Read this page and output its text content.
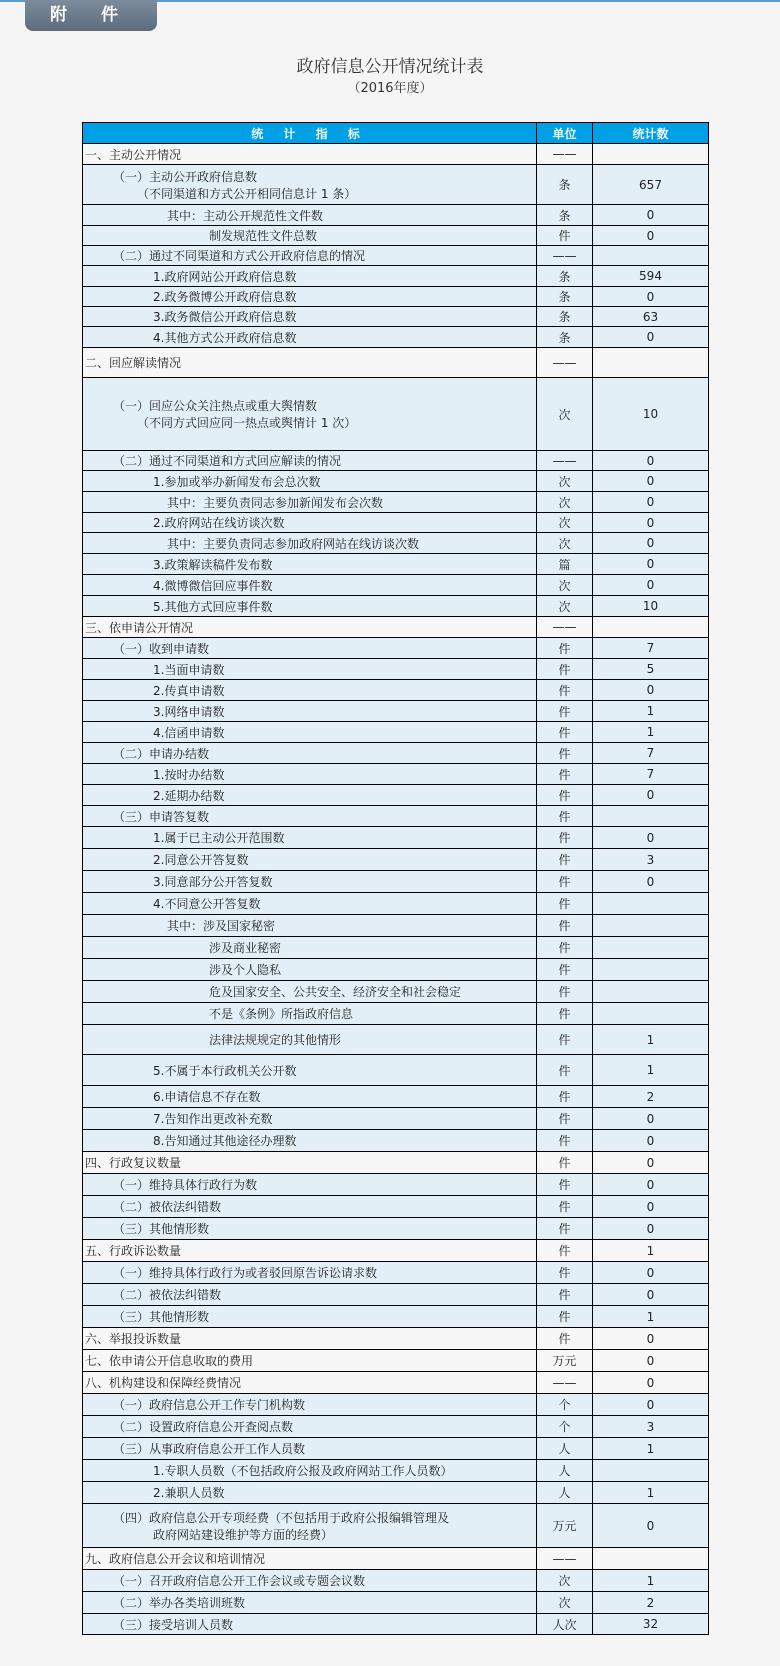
附 件
政府信息公开情况统计表
（2016年度）
统 计 指 标	单位	统计数

一、主动公开情况	——	

（一）主动公开政府信息数
（不同渠道和方式公开相同信息计 1 条）	条	657

其中：主动公开规范性文件数	条	0

制发规范性文件总数	件	0

（二）通过不同渠道和方式公开政府信息的情况	——	

1.政府网站公开政府信息数	条	594

2.政务微博公开政府信息数	条	0

3.政务微信公开政府信息数	条	63

4.其他方式公开政府信息数	条	0

二、回应解读情况	——	

（一）回应公众关注热点或重大舆情数
（不同方式回应同一热点或舆情计 1 次）	次	10

（二）通过不同渠道和方式回应解读的情况	——	0

1.参加或举办新闻发布会总次数	次	0

其中：主要负责同志参加新闻发布会次数	次	0

2.政府网站在线访谈次数	次	0

其中：主要负责同志参加政府网站在线访谈次数	次	0

3.政策解读稿件发布数	篇	0

4.微博微信回应事件数	次	0

5.其他方式回应事件数	次	10

三、依申请公开情况	——	

（一）收到申请数	件	7

1.当面申请数	件	5

2.传真申请数	件	0

3.网络申请数	件	1

4.信函申请数	件	1

（二）申请办结数	件	7

1.按时办结数	件	7

2.延期办结数	件	0

（三）申请答复数	件	

1.属于已主动公开范围数	件	0

2.同意公开答复数	件	3

3.同意部分公开答复数	件	0

4.不同意公开答复数	件	

其中：涉及国家秘密	件	

涉及商业秘密	件	

涉及个人隐私	件	

危及国家安全、公共安全、经济安全和社会稳定	件	

不是《条例》所指政府信息	件	

法律法规规定的其他情形	件	1

5.不属于本行政机关公开数	件	1

6.申请信息不存在数	件	2

7.告知作出更改补充数	件	0

8.告知通过其他途径办理数	件	0

四、行政复议数量	件	0

（一）维持具体行政行为数	件	0

（二）被依法纠错数	件	0

（三）其他情形数	件	0

五、行政诉讼数量	件	1

（一）维持具体行政行为或者驳回原告诉讼请求数	件	0

（二）被依法纠错数	件	0

（三）其他情形数	件	1

六、举报投诉数量	件	0

七、依申请公开信息收取的费用	万元	0

八、机构建设和保障经费情况	——	0

（一）政府信息公开工作专门机构数	个	0

（二）设置政府信息公开查阅点数	个	3

（三）从事政府信息公开工作人员数	人	1

1.专职人员数（不包括政府公报及政府网站工作人员数）	人	

2.兼职人员数	人	1

（四）政府信息公开专项经费（不包括用于政府公报编辑管理及
政府网站建设维护等方面的经费）	万元	0

九、政府信息公开会议和培训情况	——	

（一）召开政府信息公开工作会议或专题会议数	次	1

（二）举办各类培训班数	次	2

（三）接受培训人员数	人次	32
